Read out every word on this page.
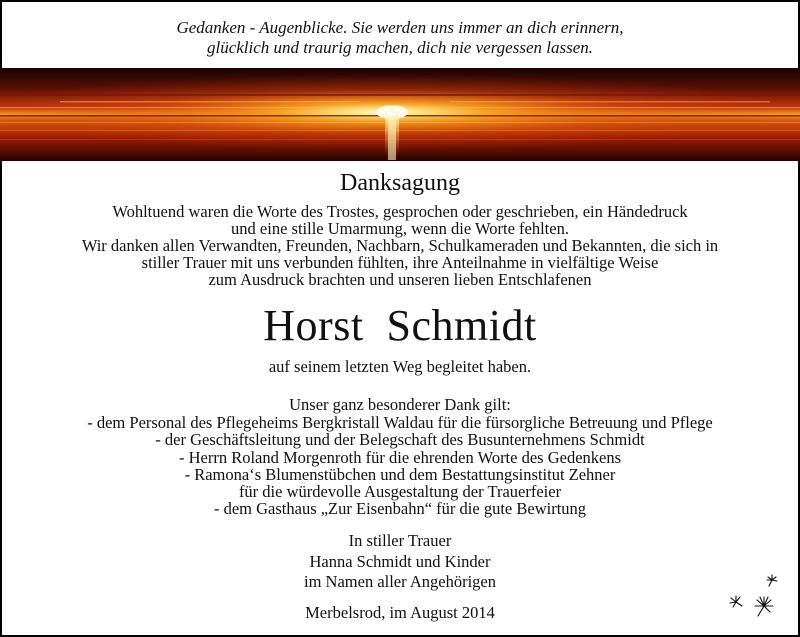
Gedanken - Augenblicke. Sie werden uns immer an dich erinnern,
glücklich und traurig machen, dich nie vergessen lassen.
Danksagung
Wohltuend waren die Worte des Trostes, gesprochen oder geschrieben, ein Händedruck
und eine stille Umarmung, wenn die Worte fehlten.
Wir danken allen Verwandten, Freunden, Nachbarn, Schulkameraden und Bekannten, die sich in
stiller Trauer mit uns verbunden fühlten, ihre Anteilnahme in vielfältige Weise
zum Ausdruck brachten und unseren lieben Entschlafenen
Horst  Schmidt
auf seinem letzten Weg begleitet haben.
Unser ganz besonderer Dank gilt:
- dem Personal des Pflegeheims Bergkristall Waldau für die fürsorgliche Betreuung und Pflege
- der Geschäftsleitung und der Belegschaft des Busunternehmens Schmidt
- Herrn Roland Morgenroth für die ehrenden Worte des Gedenkens
- Ramona‘s Blumenstübchen und dem Bestattungsinstitut Zehner
für die würdevolle Ausgestaltung der Trauerfeier
- dem Gasthaus „Zur Eisenbahn“ für die gute Bewirtung
In stiller Trauer
Hanna Schmidt und Kinder
im Namen aller Angehörigen
Merbelsrod, im August 2014
